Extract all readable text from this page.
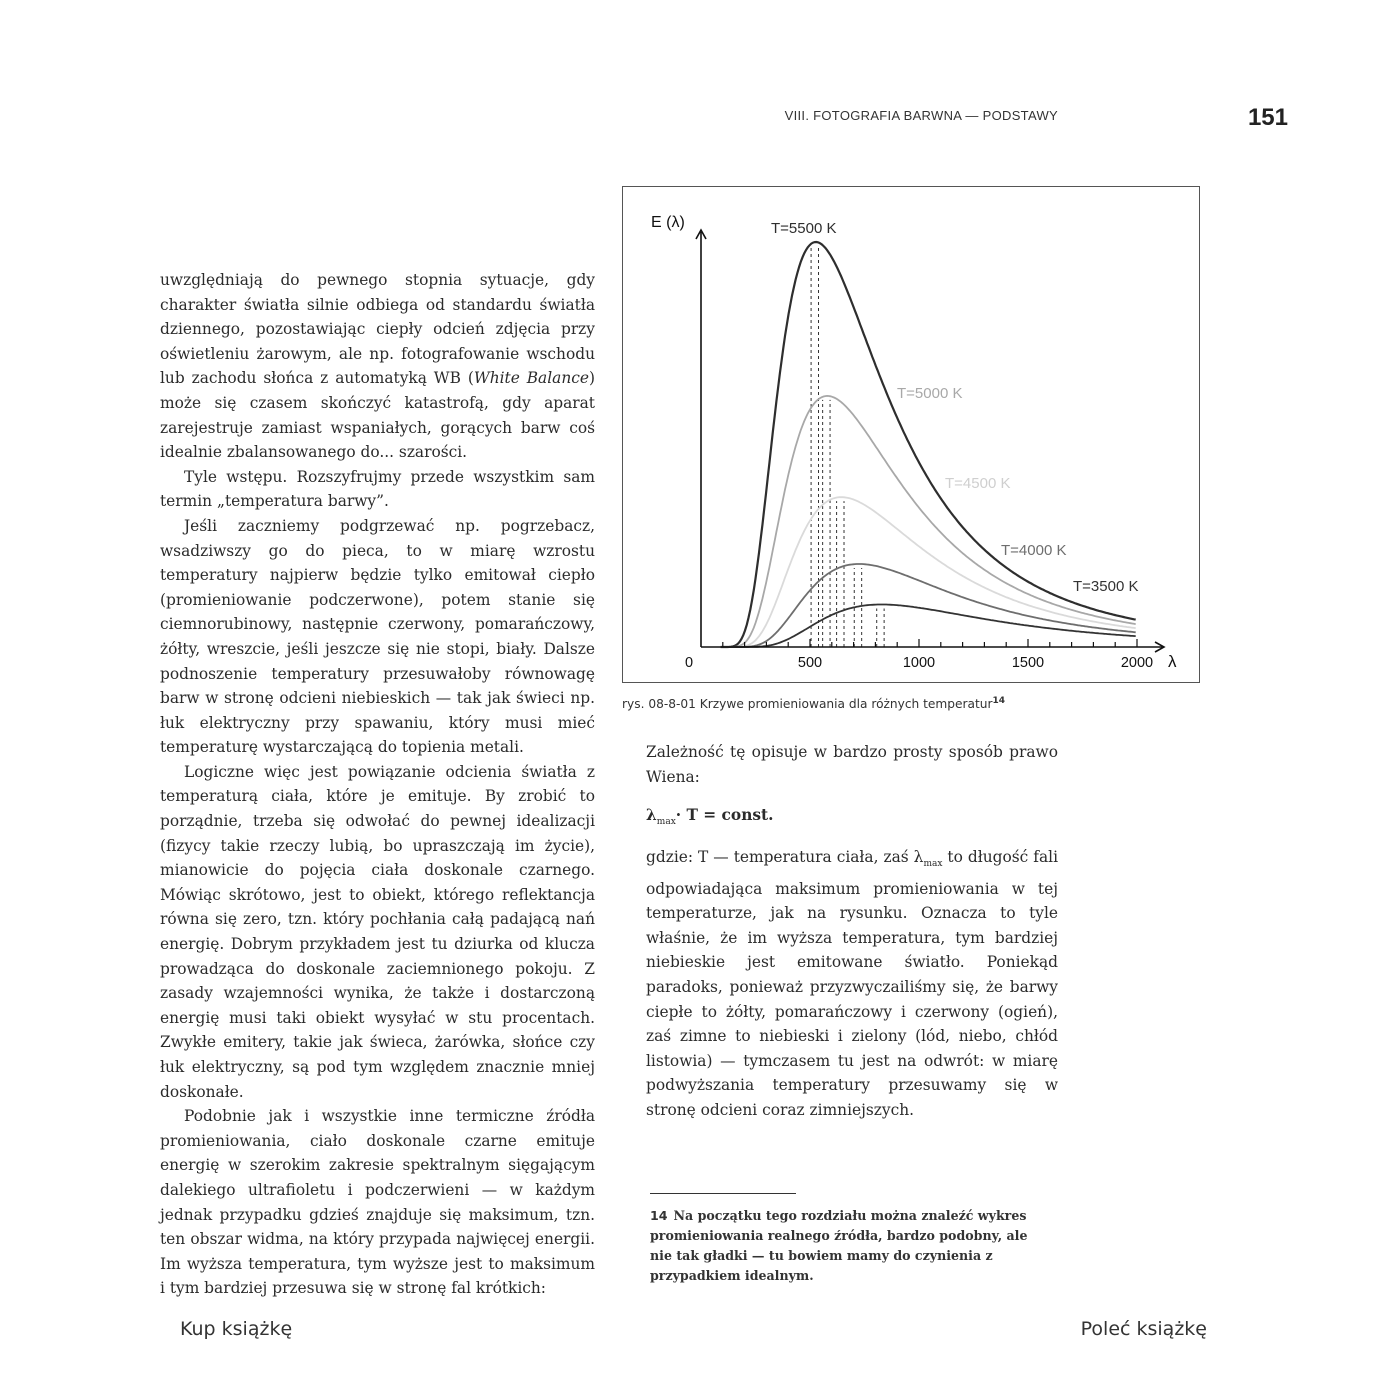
VIII. FOTOGRAFIA BARWNA — PODSTAWY	151

uwzględniają do pewnego stopnia sytuacje, gdy charakter światła silnie odbiega od standardu światła dziennego, pozostawiając ciepły odcień zdjęcia przy oświetleniu żarowym, ale np. fotografowanie wschodu lub zachodu słońca z automatyką WB (White Balance) może się czasem skończyć katastrofą, gdy aparat zarejestruje zamiast wspaniałych, gorących barw coś idealnie zbalansowanego do... szarości.

Tyle wstępu. Rozszyfrujmy przede wszystkim sam termin „temperatura barwy”.

Jeśli zaczniemy podgrzewać np. pogrzebacz, wsadziwszy go do pieca, to w miarę wzrostu temperatury najpierw będzie tylko emitował ciepło (promieniowanie podczerwone), potem stanie się ciemnorubinowy, następnie czerwony, pomarańczowy, żółty, wreszcie, jeśli jeszcze się nie stopi, biały. Dalsze podnoszenie temperatury przesuwałoby równowagę barw w stronę odcieni niebieskich — tak jak świeci np. łuk elektryczny przy spawaniu, który musi mieć temperaturę wystarczającą do topienia metali.

Logiczne więc jest powiązanie odcienia światła z temperaturą ciała, które je emituje. By zrobić to porządnie, trzeba się odwołać do pewnej idealizacji (fizycy takie rzeczy lubią, bo upraszczają im życie), mianowicie do pojęcia ciała doskonale czarnego. Mówiąc skrótowo, jest to obiekt, którego reflektancja równa się zero, tzn. który pochłania całą padającą nań energię. Dobrym przykładem jest tu dziurka od klucza prowadząca do doskonale zaciemnionego pokoju. Z zasady wzajemności wynika, że także i dostarczoną energię musi taki obiekt wysyłać w stu procentach. Zwykłe emitery, takie jak świeca, żarówka, słońce czy łuk elektryczny, są pod tym względem znacznie mniej doskonałe.

Podobnie jak i wszystkie inne termiczne źródła promieniowania, ciało doskonale czarne emituje energię w szerokim zakresie spektralnym sięgającym dalekiego ultrafioletu i podczerwieni — w każdym jednak przypadku gdzieś znajduje się maksimum, tzn. ten obszar widma, na który przypada najwięcej energii. Im wyższa temperatura, tym wyższe jest to maksimum i tym bardziej przesuwa się w stronę fal krótkich:

0	500	1000	1500	2000 λ
E (λ)	T=5500 K
T=5000 K
T=4500 K
T=4000 K
T=3500 K
rys. 08-8-01 Krzywe promieniowania dla różnych temperatur$^{14}$

Zależność tę opisuje w bardzo prosty sposób prawo Wiena:

$\lambda_{max}\cdot T$ = const.

gdzie: T — temperatura ciała, zaś $\lambda_{max}$ to długość fali odpowiadająca maksimum promieniowania w tej temperaturze, jak na rysunku. Oznacza to tyle właśnie, że im wyższa temperatura, tym bardziej niebieskie jest emitowane światło. Poniekąd paradoks, ponieważ przyzwyczailiśmy się, że barwy ciepłe to żółty, pomarańczowy i czerwony (ogień), zaś zimne to niebieski i zielony (lód, niebo, chłód listowia) — tymczasem tu jest na odwrót: w miarę podwyższania temperatury przesuwamy się w stronę odcieni coraz zimniejszych.

14 Na początku tego rozdziału można znaleźć wykres promieniowania realnego źródła, bardzo podobny, ale nie tak gładki — tu bowiem mamy do czynienia z przypadkiem idealnym.
Kup książkę	Poleć książkę
